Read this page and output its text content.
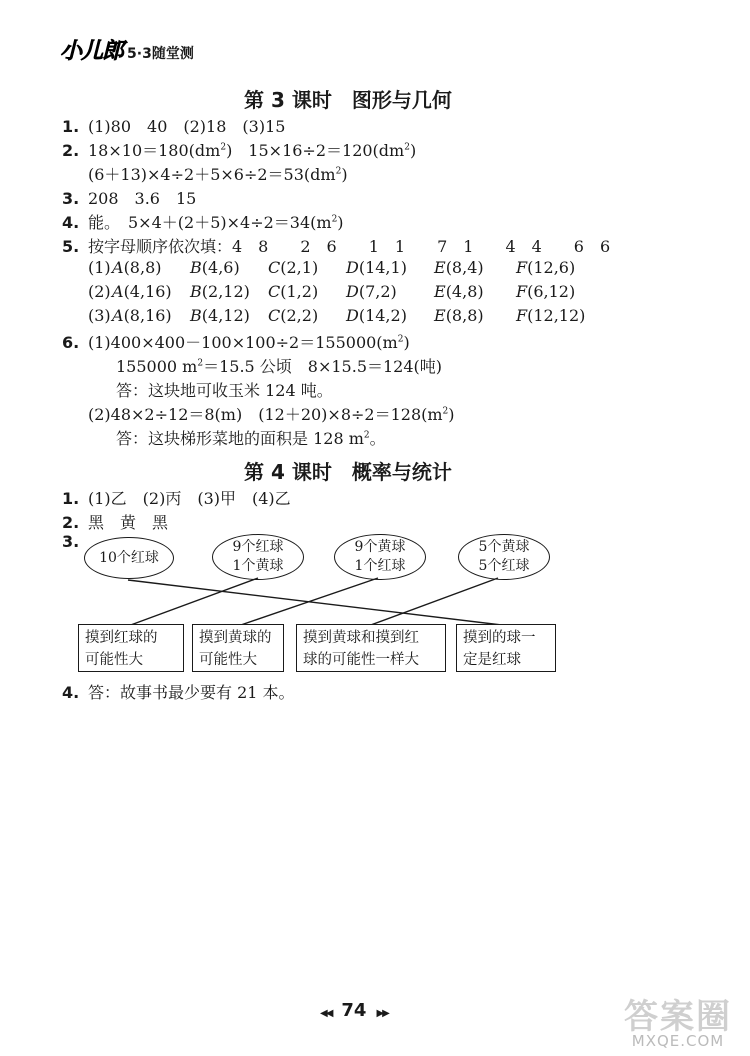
小儿郎 5·3随堂测
第 3 课时　图形与几何
1. (1)80　40　(2)18　(3)15
2. $18\times 10=180(dm^2)$　$15\times 16\div 2=120(dm^2)$
$(6+13)\times 4\div 2+5\times 6\div 2=53(dm^2)$
3. 208　3.6　15
4. 能。　$5\times 4+(2+5)\times 4\div 2=34(m^2)$
5. 按字母顺序依次填：4　8　　2　6　　1　1　　7　1　　4　4　　6　6
(1) A(8,8) B(4,6) C(2,1) D(14,1) E(8,4) F(12,6)
(2) A(4,16) B(2,12) C(1,2) D(7,2) E(4,8) F(6,12)
(3) A(8,16) B(4,12) C(2,2) D(14,2) E(8,8) F(12,12)
6. $(1)400\times 400-100\times 100\div 2=155000(m^2)$
155000 $m^2=15.5$ 公顷　8×15.5＝124(吨)
答：这块地可收玉米 124 吨。
(2)48×2÷12＝8(m)　$(12+20)\times 8\div 2=128(m^2)$
答：这块梯形菜地的面积是 128 $m^2$。
第 4 课时　概率与统计
1. (1)乙　(2)丙　(3)甲　(4)乙
2. 黑　黄　黑
3.
10个红球
9个红球
1个黄球
9个黄球
1个红球
5个黄球
5个红球
摸到红球的
可能性大
摸到黄球的
可能性大
摸到黄球和摸到红
球的可能性一样大
摸到的球一
定是红球
4. 答：故事书最少要有 21 本。
◀◀ 74 ▶▶	答案圈
MXQE.COM
